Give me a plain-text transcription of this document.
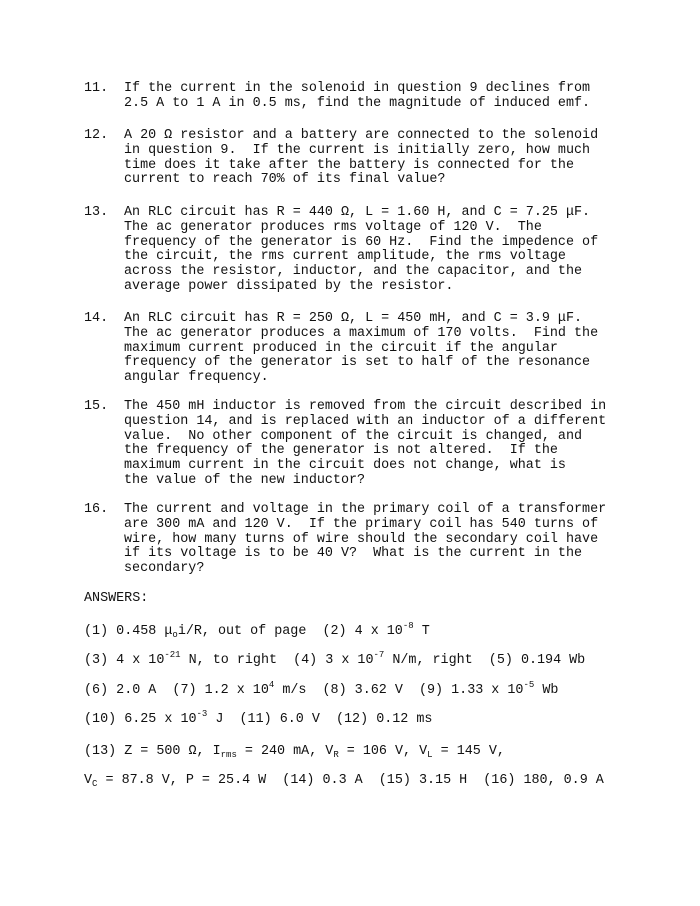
11. If the current in the solenoid in question 9 declines from
2.5 A to 1 A in 0.5 ms, find the magnitude of induced emf.
12. A 20 Ω resistor and a battery are connected to the solenoid
in question 9.  If the current is initially zero, how much
time does it take after the battery is connected for the
current to reach 70% of its final value?
13. An RLC circuit has R = 440 Ω, L = 1.60 H, and C = 7.25 μF.
The ac generator produces rms voltage of 120 V.  The
frequency of the generator is 60 Hz.  Find the impedence of
the circuit, the rms current amplitude, the rms voltage
across the resistor, inductor, and the capacitor, and the
average power dissipated by the resistor.
14. An RLC circuit has R = 250 Ω, L = 450 mH, and C = 3.9 μF.
The ac generator produces a maximum of 170 volts.  Find the
maximum current produced in the circuit if the angular
frequency of the generator is set to half of the resonance
angular frequency.
15. The 450 mH inductor is removed from the circuit described in
question 14, and is replaced with an inductor of a different
value.  No other component of the circuit is changed, and
the frequency of the generator is not altered.  If the
maximum current in the circuit does not change, what is
the value of the new inductor?
16. The current and voltage in the primary coil of a transformer
are 300 mA and 120 V.  If the primary coil has 540 turns of
wire, how many turns of wire should the secondary coil have
if its voltage is to be 40 V?  What is the current in the
secondary?
ANSWERS:
(1) 0.458 $\mu_oi/R$, out of page (2) 4 x $10^{-8}$ T
(3) 4 x $10^{-21}$ N, to right (4) 3 x $10^{-7}$ N/m, right (5) 0.194 Wb
(6) 2.0 A (7) 1.2 x $10^4$ m/s (8) 3.62 V (9) 1.33 x $10^{-5}$ Wb
(10) 6.25 x $10^{-3}$ J (11) 6.0 V (12) 0.12 ms
(13) Z = 500 Ω, $I_{rms} = 240$ mA, $V_R = 106$ V, $V_L = 145$ V,
$V_C = 87.8$ V, P = 25.4 W (14) 0.3 A (15) 3.15 H (16) 180, 0.9 A
